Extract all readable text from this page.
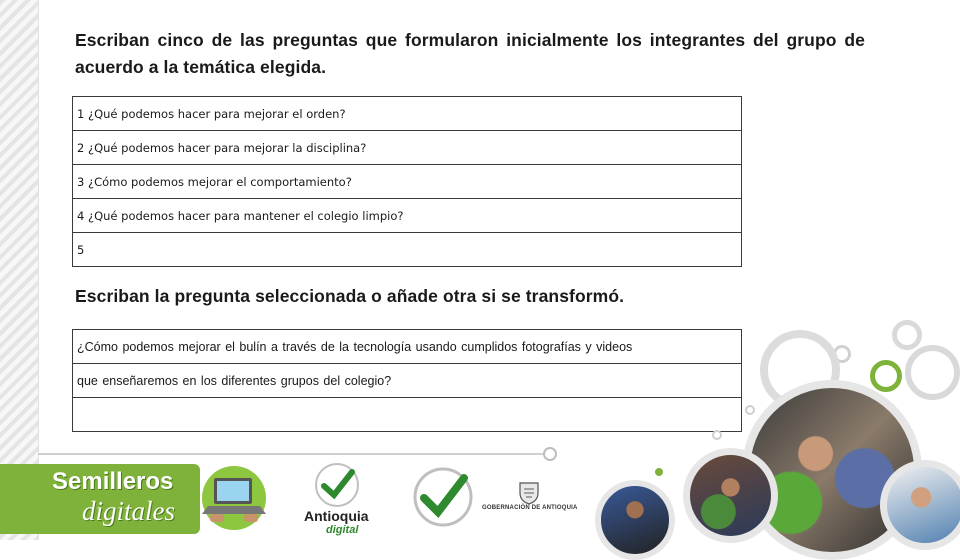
Escriban cinco de las preguntas que formularon inicialmente los integrantes del grupo de acuerdo a la temática elegida.

1 ¿Qué podemos hacer para mejorar el orden?
2 ¿Qué podemos hacer para mejorar la disciplina?
3 ¿Cómo podemos mejorar el comportamiento?
4 ¿Qué podemos hacer para mantener el colegio limpio?
5

Escriban la pregunta seleccionada o añade otra si se transformó.

¿Cómo podemos mejorar el bulín a través de la tecnología usando cumplidos fotografías y videos
que enseñaremos en los diferentes grupos del colegio?

Semilleros
digitales	Antioquia
digital
GOBERNACIÓN DE ANTIOQUIA
